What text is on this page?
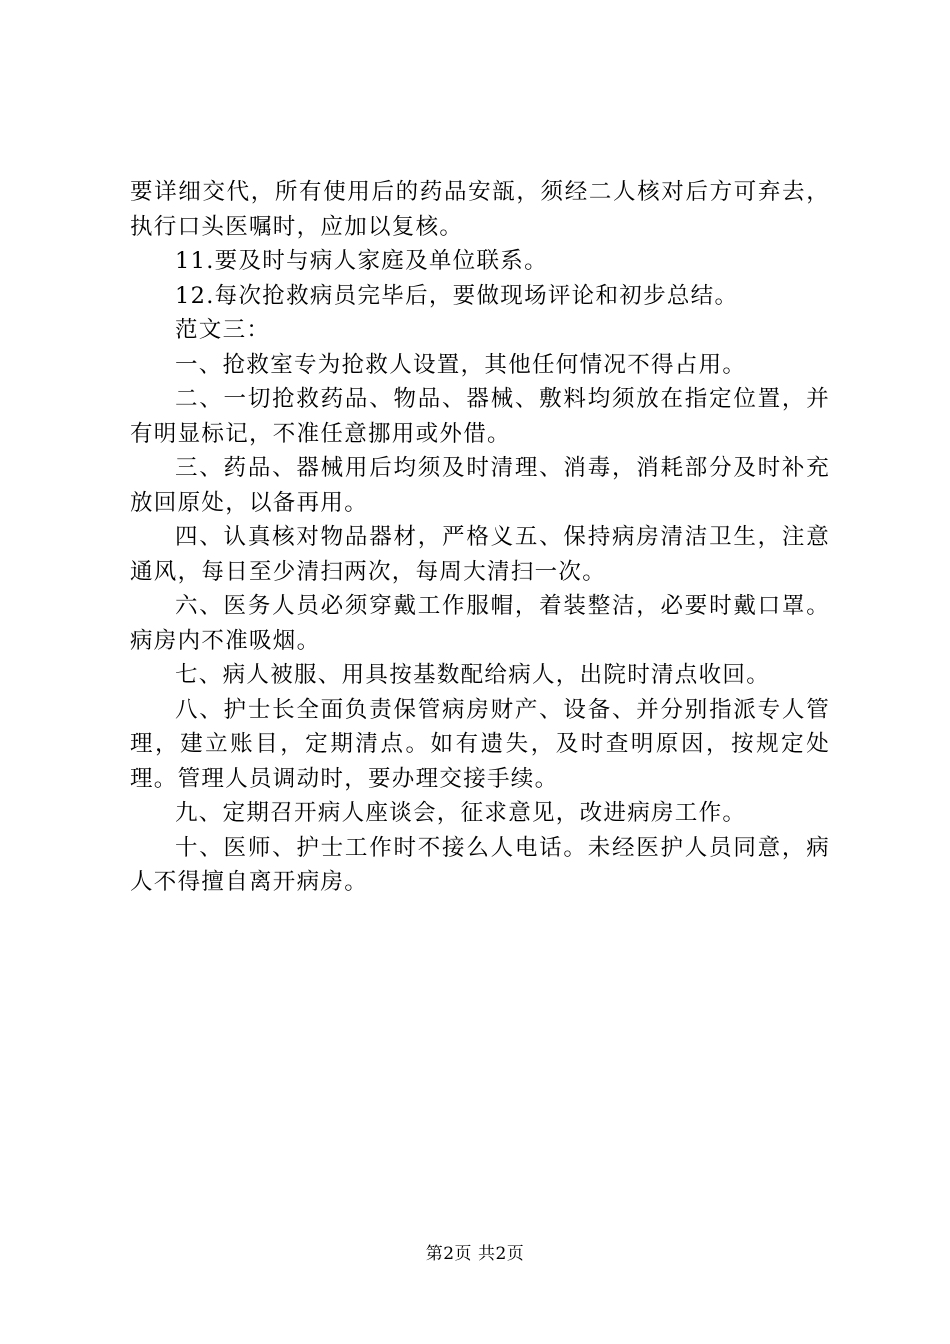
要详细交代，所有使用后的药品安瓿，须经二人核对后方可弃去，执行口头医嘱时，应加以复核。

11.要及时与病人家庭及单位联系。

12.每次抢救病员完毕后，要做现场评论和初步总结。

范文三：

一、抢救室专为抢救人设置，其他任何情况不得占用。

二、一切抢救药品、物品、器械、敷料均须放在指定位置，并有明显标记，不准任意挪用或外借。

三、药品、器械用后均须及时清理、消毒，消耗部分及时补充放回原处，以备再用。

四、认真核对物品器材，严格义五、保持病房清洁卫生，注意通风，每日至少清扫两次，每周大清扫一次。

六、医务人员必须穿戴工作服帽，着装整洁，必要时戴口罩。病房内不准吸烟。

七、病人被服、用具按基数配给病人，出院时清点收回。

八、护士长全面负责保管病房财产、设备、并分别指派专人管理，建立账目，定期清点。如有遗失，及时查明原因，按规定处理。管理人员调动时，要办理交接手续。

九、定期召开病人座谈会，征求意见，改进病房工作。

十、医师、护士工作时不接么人电话。未经医护人员同意，病人不得擅自离开病房。

第2页 共2页
